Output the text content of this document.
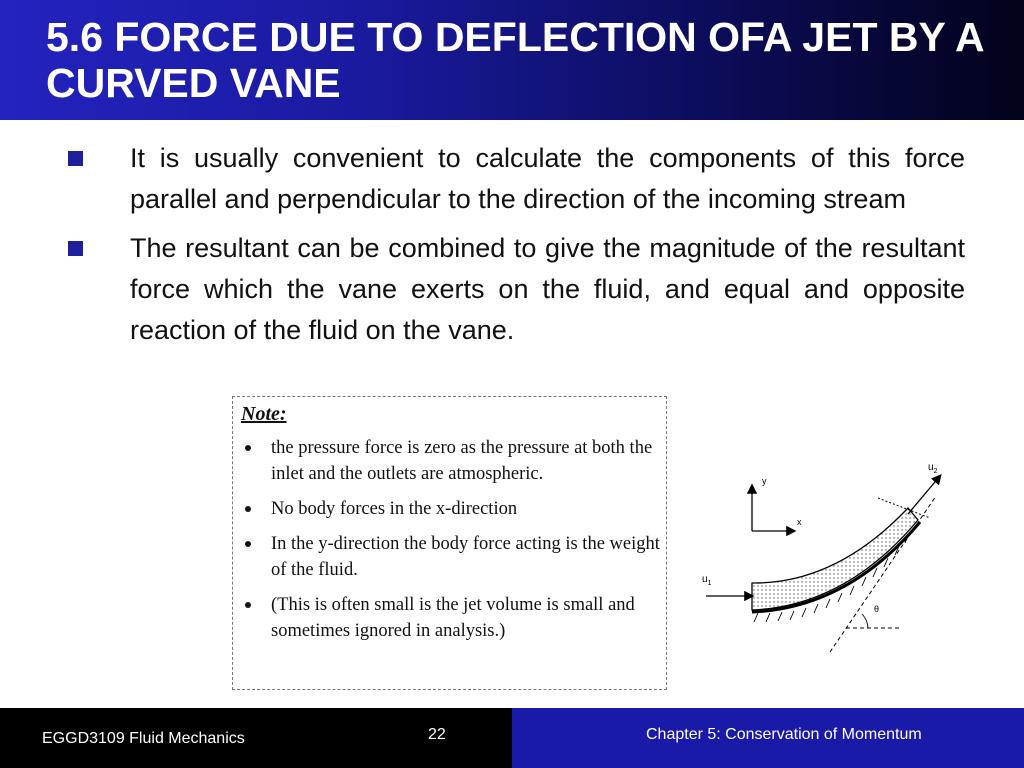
5.6 FORCE DUE TO DEFLECTION OFA JET BY A CURVED VANE
It is usually convenient to calculate the components of this force parallel and perpendicular to the direction of the incoming stream
The resultant can be combined to give the magnitude of the resultant force which the vane exerts on the fluid, and equal and opposite reaction of the fluid on the vane.
Note:
the pressure force is zero as the pressure at both the inlet and the outlets are atmospheric.
No body forces in the x-direction
In the y-direction the body force acting is the weight of the fluid.
(This is often small is the jet volume is small and sometimes ignored in analysis.)
y
x
$u_1$
$u_2$
θ
EGGD3109 Fluid Mechanics	22	Chapter 5: Conservation of Momentum
